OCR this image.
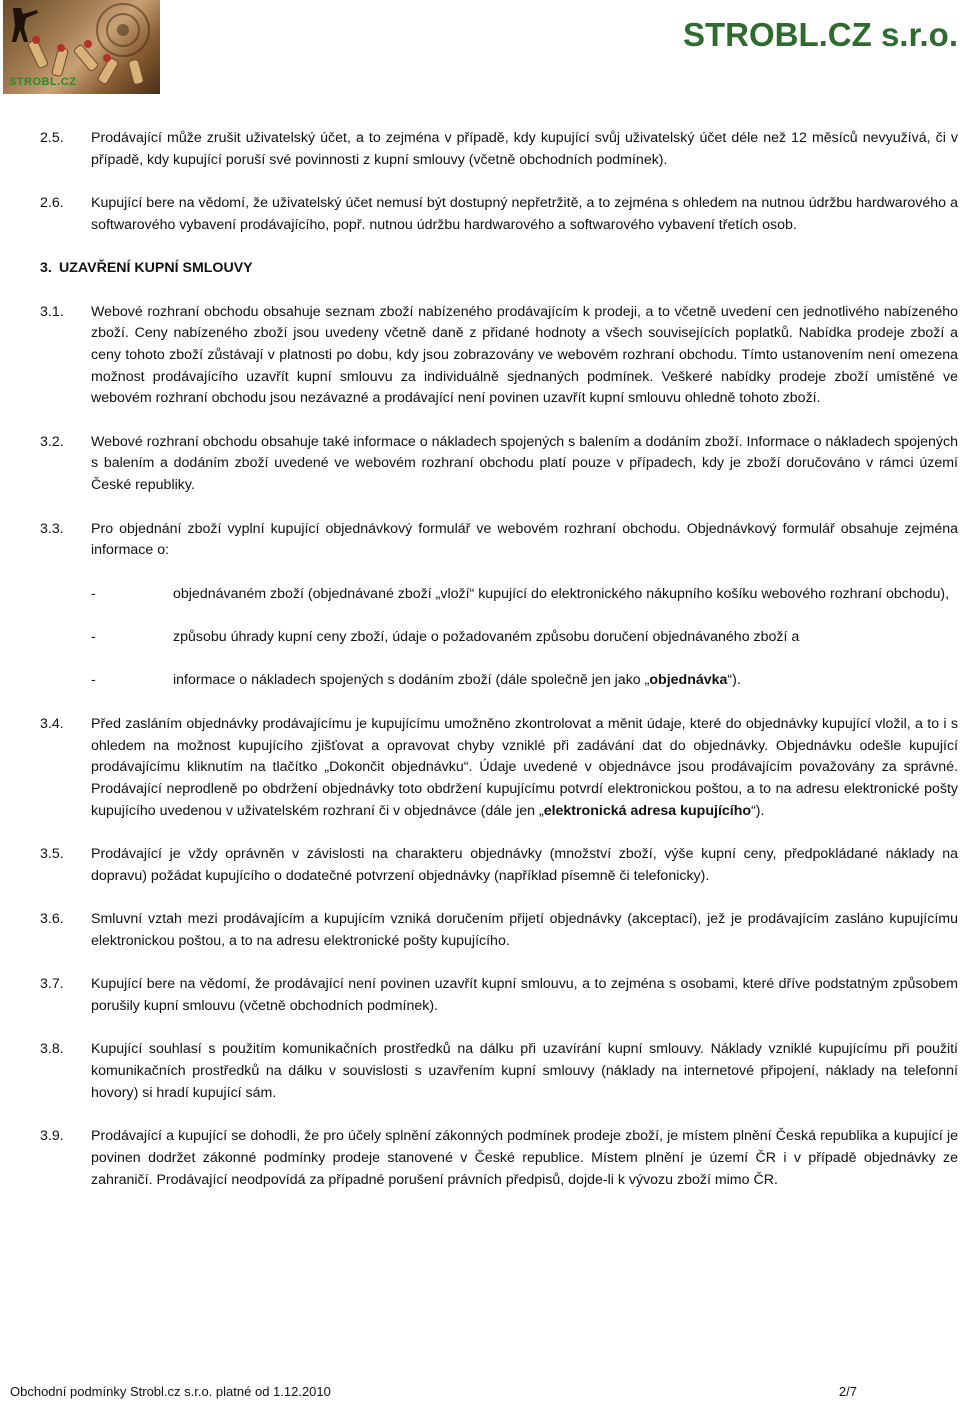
STROBL.CZ
STROBL.CZ s.r.o.
2.5.	Prodávající může zrušit uživatelský účet, a to zejména v případě, kdy kupující svůj uživatelský účet déle než 12 měsíců nevyužívá, či v případě, kdy kupující poruší své povinnosti z kupní smlouvy (včetně obchodních podmínek).
2.6.	Kupující bere na vědomí, že uživatelský účet nemusí být dostupný nepřetržitě, a to zejména s ohledem na nutnou údržbu hardwarového a softwarového vybavení prodávajícího, popř. nutnou údržbu hardwarového a softwarového vybavení třetích osob.
3. UZAVŘENÍ KUPNÍ SMLOUVY
3.1.	Webové rozhraní obchodu obsahuje seznam zboží nabízeného prodávajícím k prodeji, a to včetně uvedení cen jednotlivého nabízeného zboží. Ceny nabízeného zboží jsou uvedeny včetně daně z přidané hodnoty a všech souvisejících poplatků. Nabídka prodeje zboží a ceny tohoto zboží zůstávají v platnosti po dobu, kdy jsou zobrazovány ve webovém rozhraní obchodu. Tímto ustanovením není omezena možnost prodávajícího uzavřít kupní smlouvu za individuálně sjednaných podmínek. Veškeré nabídky prodeje zboží umístěné ve webovém rozhraní obchodu jsou nezávazné a prodávající není povinen uzavřít kupní smlouvu ohledně tohoto zboží.
3.2.	Webové rozhraní obchodu obsahuje také informace o nákladech spojených s balením a dodáním zboží. Informace o nákladech spojených s balením a dodáním zboží uvedené ve webovém rozhraní obchodu platí pouze v případech, kdy je zboží doručováno v rámci území České republiky.
3.3.	Pro objednání zboží vyplní kupující objednávkový formulář ve webovém rozhraní obchodu. Objednávkový formulář obsahuje zejména informace o:
-	objednávaném zboží (objednávané zboží „vloží“ kupující do elektronického nákupního košíku webového rozhraní obchodu),
-	způsobu úhrady kupní ceny zboží, údaje o požadovaném způsobu doručení objednávaného zboží a
-	informace o nákladech spojených s dodáním zboží (dále společně jen jako „objednávka“).
3.4.	Před zasláním objednávky prodávajícímu je kupujícímu umožněno zkontrolovat a měnit údaje, které do objednávky kupující vložil, a to i s ohledem na možnost kupujícího zjišťovat a opravovat chyby vzniklé při zadávání dat do objednávky. Objednávku odešle kupující prodávajícímu kliknutím na tlačítko „Dokončit objednávku“. Údaje uvedené v objednávce jsou prodávajícím považovány za správné. Prodávající neprodleně po obdržení objednávky toto obdržení kupujícímu potvrdí elektronickou poštou, a to na adresu elektronické pošty kupujícího uvedenou v uživatelském rozhraní či v objednávce (dále jen „elektronická adresa kupujícího“).
3.5.	Prodávající je vždy oprávněn v závislosti na charakteru objednávky (množství zboží, výše kupní ceny, předpokládané náklady na dopravu) požádat kupujícího o dodatečné potvrzení objednávky (například písemně či telefonicky).
3.6.	Smluvní vztah mezi prodávajícím a kupujícím vzniká doručením přijetí objednávky (akceptací), jež je prodávajícím zasláno kupujícímu elektronickou poštou, a to na adresu elektronické pošty kupujícího.
3.7.	Kupující bere na vědomí, že prodávající není povinen uzavřít kupní smlouvu, a to zejména s osobami, které dříve podstatným způsobem porušily kupní smlouvu (včetně obchodních podmínek).
3.8.	Kupující souhlasí s použitím komunikačních prostředků na dálku při uzavírání kupní smlouvy. Náklady vzniklé kupujícímu při použití komunikačních prostředků na dálku v souvislosti s uzavřením kupní smlouvy (náklady na internetové připojení, náklady na telefonní hovory) si hradí kupující sám.
3.9.	Prodávající a kupující se dohodli, že pro účely splnění zákonných podmínek prodeje zboží, je místem plnění Česká republika a kupující je povinen dodržet zákonné podmínky prodeje stanovené v České republice. Místem plnění je území ČR i v případě objednávky ze zahraničí. Prodávající neodpovídá za případné porušení právních předpisů, dojde-li k vývozu zboží mimo ČR.
Obchodní podmínky Strobl.cz s.r.o. platné od 1.12.2010	2/7
